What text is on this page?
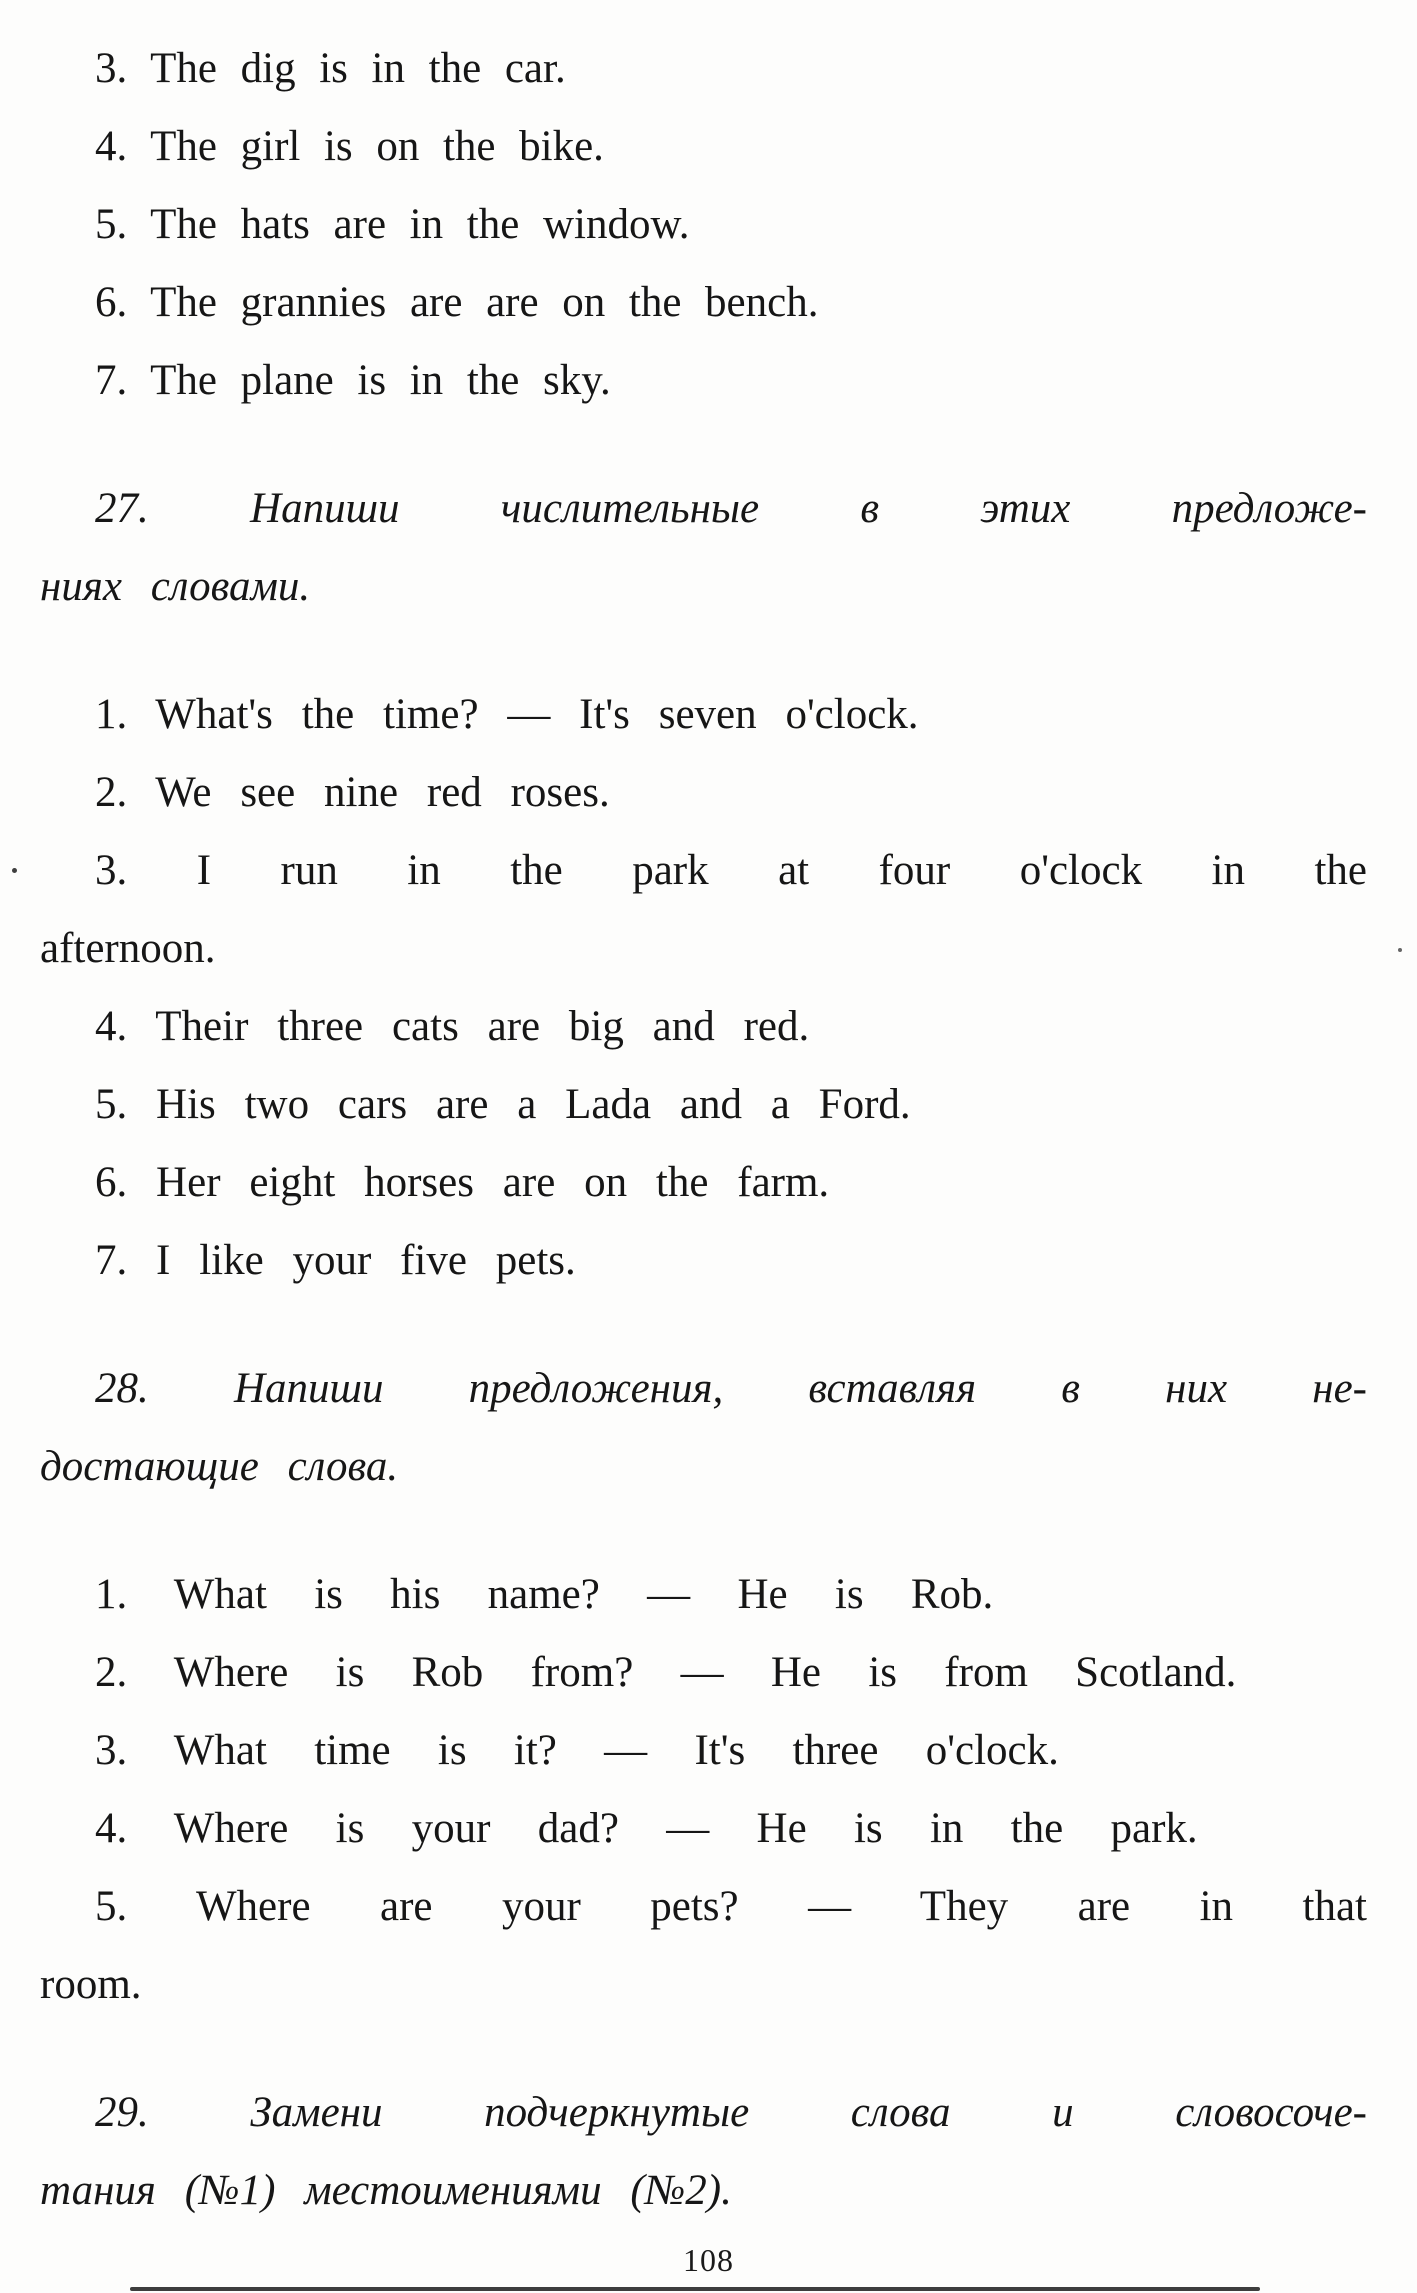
3. The dig is in the car.
4. The girl is on the bike.
5. The hats are in the window.
6. The grannies are are on the bench.
7. The plane is in the sky.
27. Напиши числительные в этих предложе-
ниях словами.
1. What's the time? — It's seven o'clock.
2. We see nine red roses.
3. I run in the park at four o'clock in the
afternoon.
4. Their three cats are big and red.
5. His two cars are a Lada and a Ford.
6. Her eight horses are on the farm.
7. I like your five pets.
28. Напиши предложения, вставляя в них не-
достающие слова.
1. What is his name? — He is Rob.
2. Where is Rob from? — He is from Scotland.
3. What time is it? — It's three o'clock.
4. Where is your dad? — He is in the park.
5. Where are your pets? — They are in that
room.
29. Замени подчеркнутые слова и словосоче-
тания (№1) местоимениями (№2).
108
